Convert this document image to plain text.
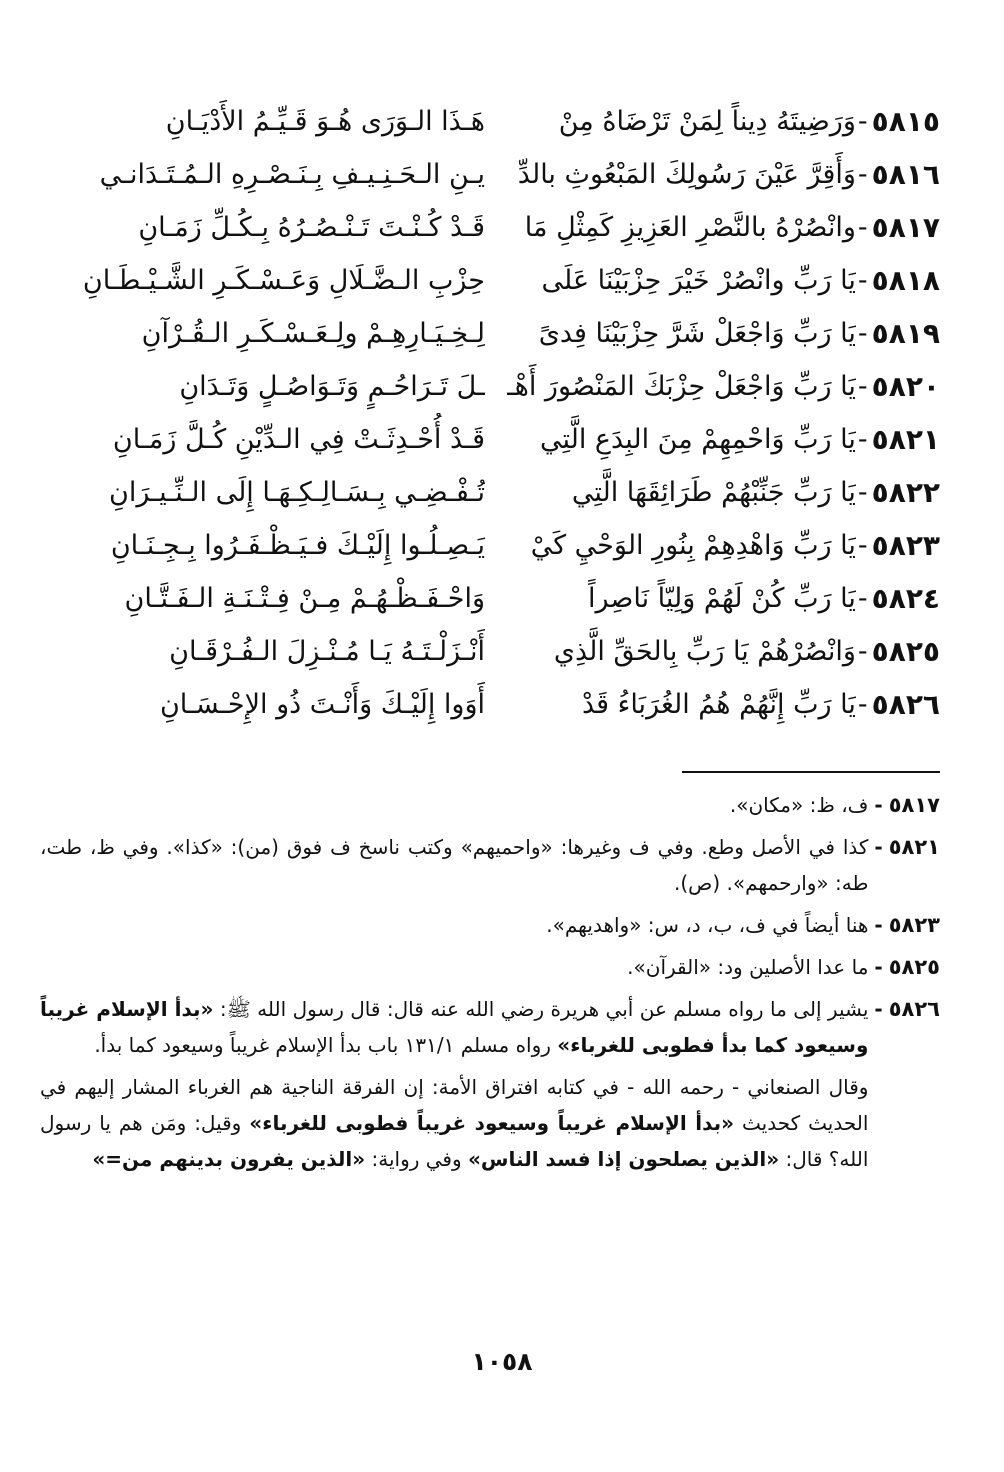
٥٨١٥
-
وَرَضِيتَهُ دِيناً لِمَنْ تَرْضَاهُ مِنْ
هَـذَا الـوَرَى هُـوَ قَـيِّـمُ الأَدْيَـانِ
٥٨١٦
-
وَأَقِرَّ عَيْنَ رَسُولِكَ المَبْعُوثِ بالدِّ
يـنِ الـحَـنِـيـفِ بِـنَـصْـرِهِ الـمُـتَـدَانـي
٥٨١٧
-
وانْصُرْهُ بالنَّصْرِ العَزِيزِ كَمِثْلِ مَا
قَـدْ كُـنْـتَ تَـنْـصُـرُهُ بِـكُـلِّ زَمَـانِ
٥٨١٨
-
يَا رَبِّ وانْصُرْ خَيْرَ حِزْبَيْنَا عَلَى
حِزْبِ الـضَّـلَالِ وَعَـسْـكَـرِ الشَّـيْـطَـانِ
٥٨١٩
-
يَا رَبِّ وَاجْعَلْ شَرَّ حِزْبَيْنَا فِدىً
لِـخِـيَـارِهِـمْ ولِـعَـسْـكَـرِ الـقُـرْآنِ
٥٨٢٠
-
يَا رَبِّ وَاجْعَلْ حِزْبَكَ المَنْصُورَ أَهْـ
ـلَ تَـرَاحُـمٍ وَتَـوَاصُـلٍ وَتَـدَانِ
٥٨٢١
-
يَا رَبِّ وَاحْمِهِمْ مِنَ البِدَعِ الَّتِي
قَـدْ أُحْـدِثَـتْ فِي الـدِّيْنِ كُـلَّ زَمَـانِ
٥٨٢٢
-
يَا رَبِّ جَنِّبْهُمْ طَرَائِقَهَا الَّتِي
تُـفْـضِـي بِـسَـالِـكِـهَـا إِلَى الـنِّـيـرَانِ
٥٨٢٣
-
يَا رَبِّ وَاهْدِهِمْ بِنُورِ الوَحْيِ كَيْ
يَـصِـلُـوا إِلَيْـكَ فـيَـظْـفَـرُوا بِـجِـنَـانِ
٥٨٢٤
-
يَا رَبِّ كُنْ لَهُمْ وَلِيّاً نَاصِراً
وَاحْـفَـظْـهُـمْ مِـنْ فِـتْـنَـةِ الـفَـتَّـانِ
٥٨٢٥
-
وَانْصُرْهُمْ يَا رَبِّ بِالحَقِّ الَّذِي
أَنْـزَلْـتَـهُ يَـا مُـنْـزِلَ الـفُـرْقَـانِ
٥٨٢٦
-
يَا رَبِّ إِنَّهُمْ هُمُ الغُرَبَاءُ قَدْ
أَوَوا إِلَيْـكَ وَأَنْـتَ ذُو الإِحْـسَـانِ
٥٨١٧
-
ف، ظ: «مكان».
٥٨٢١
-
كذا في الأصل وطع. وفي ف وغيرها: «واحميهم» وكتب ناسخ ف فوق (من): «كذا». وفي ظ، طت، طه: «وارحمهم». (ص).
٥٨٢٣
-
هنا أيضاً في ف، ب، د، س: «واهديهم».
٥٨٢٥
-
ما عدا الأصلين ود: «القرآن».
٥٨٢٦
-
يشير إلى ما رواه مسلم عن أبي هريرة رضي الله عنه قال: قال رسول الله ﷺ: «بدأ الإسلام غريباً وسيعود كما بدأ فطوبى للغرباء» رواه مسلم ١٣١/١ باب بدأ الإسلام غريباً وسيعود كما بدأ.
وقال الصنعاني - رحمه الله - في كتابه افتراق الأمة: إن الفرقة الناجية هم الغرباء المشار إليهم في الحديث كحديث «بدأ الإسلام غريباً وسيعود غريباً فطوبى للغرباء» وقيل: ومَن هم يا رسول الله؟ قال: «الذين يصلحون إذا فسد الناس» وفي رواية: «الذين يفرون بدينهم من=»
١٠٥٨
